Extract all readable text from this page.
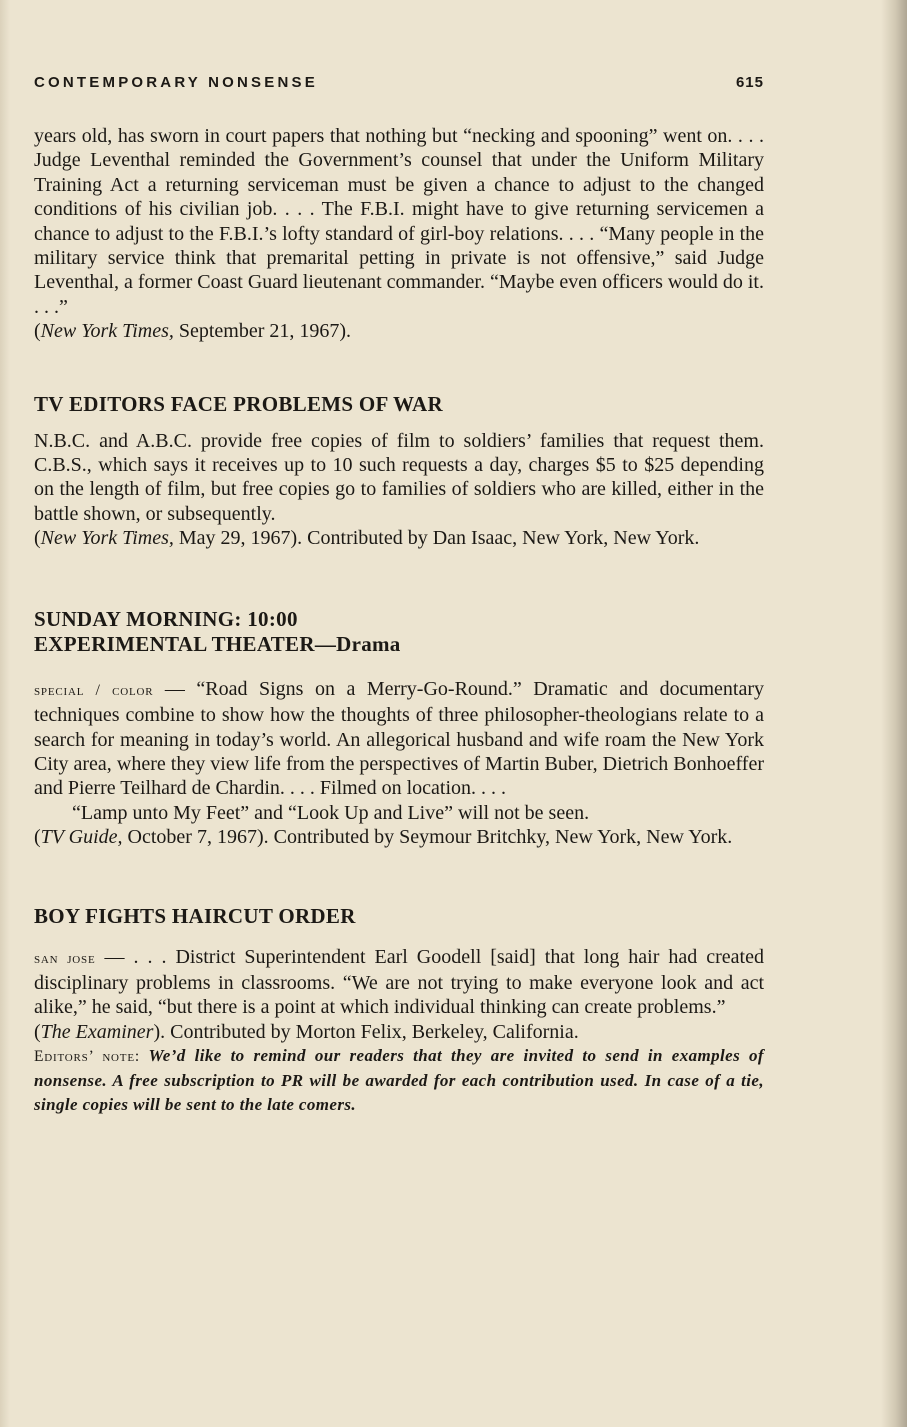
CONTEMPORARY NONSENSE	615

years old, has sworn in court papers that nothing but “necking and spooning” went on. . . . Judge Leventhal reminded the Government’s counsel that under the Uniform Military Training Act a returning serviceman must be given a chance to adjust to the changed conditions of his civilian job. . . . The F.B.I. might have to give returning servicemen a chance to adjust to the F.B.I.’s lofty standard of girl-boy relations. . . . “Many people in the military service think that premarital petting in private is not offensive,” said Judge Leventhal, a former Coast Guard lieutenant commander. “Maybe even officers would do it. . . .”

(New York Times, September 21, 1967).
TV EDITORS FACE PROBLEMS OF WAR

N.B.C. and A.B.C. provide free copies of film to soldiers’ families that request them. C.B.S., which says it receives up to 10 such requests a day, charges $5 to $25 depending on the length of film, but free copies go to families of soldiers who are killed, either in the battle shown, or subsequently.

(New York Times, May 29, 1967). Contributed by Dan Isaac, New York, New York.
SUNDAY MORNING: 10:00
EXPERIMENTAL THEATER—Drama

special / color — “Road Signs on a Merry-Go-Round.” Dramatic and documentary techniques combine to show how the thoughts of three philosopher-theologians relate to a search for meaning in today’s world. An allegorical husband and wife roam the New York City area, where they view life from the perspectives of Martin Buber, Dietrich Bonhoeffer and Pierre Teilhard de Chardin. . . . Filmed on location. . . .

“Lamp unto My Feet” and “Look Up and Live” will not be seen.

(TV Guide, October 7, 1967). Contributed by Seymour Britchky, New York, New York.
BOY FIGHTS HAIRCUT ORDER

san jose — . . . District Superintendent Earl Goodell [said] that long hair had created disciplinary problems in classrooms. “We are not trying to make everyone look and act alike,” he said, “but there is a point at which individual thinking can create problems.”

(The Examiner). Contributed by Morton Felix, Berkeley, California.

Editors’ note: We’d like to remind our readers that they are invited to send in examples of nonsense. A free subscription to PR will be awarded for each contribution used. In case of a tie, single copies will be sent to the late comers.
